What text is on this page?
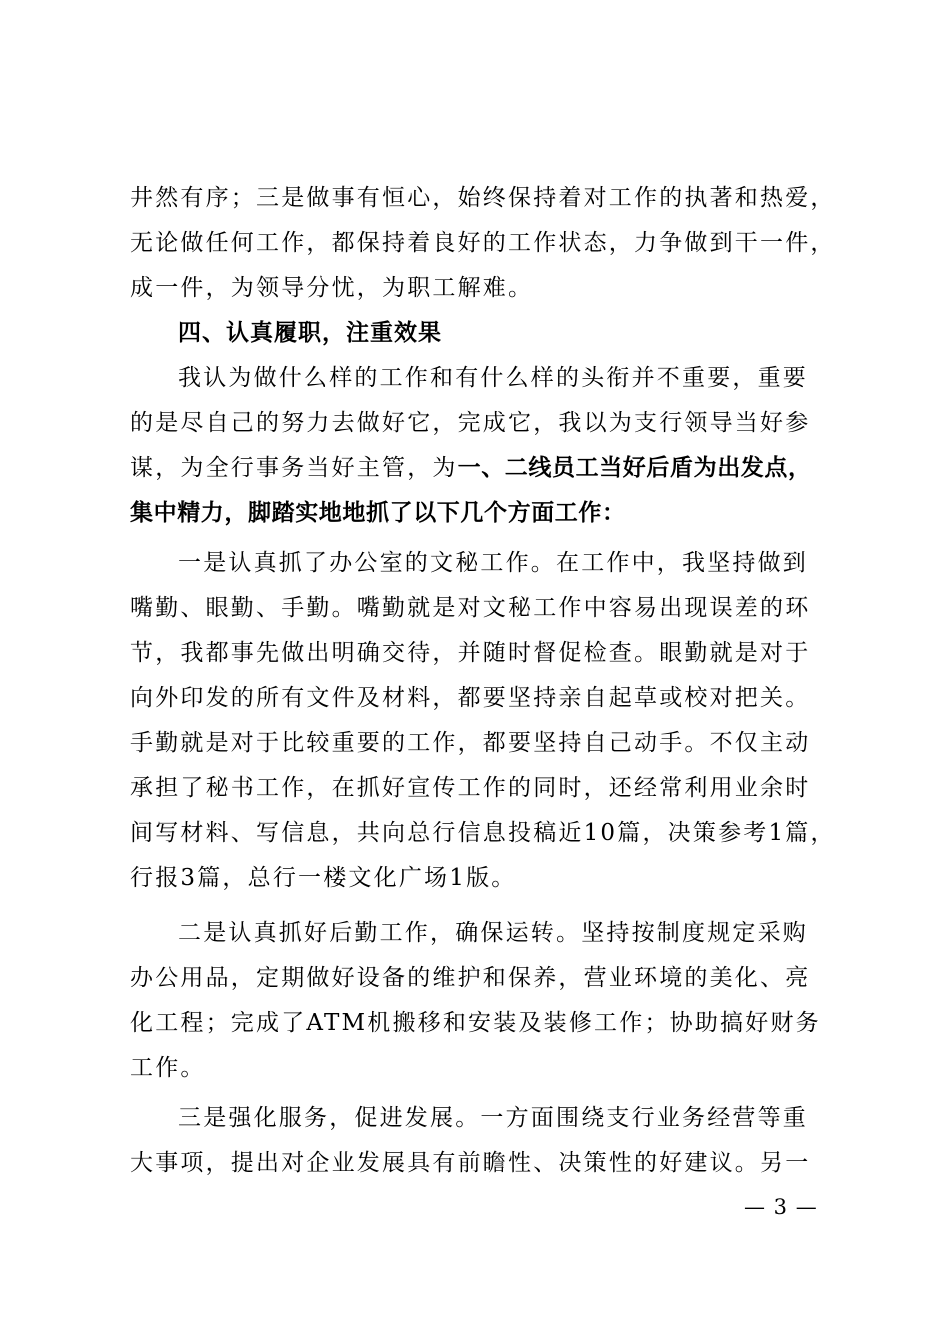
井然有序；三是做事有恒心，始终保持着对工作的执著和热爱，
无论做任何工作，都保持着良好的工作状态，力争做到干一件，
成一件，为领导分忧，为职工解难。
四、认真履职，注重效果
我认为做什么样的工作和有什么样的头衔并不重要，重要
的是尽自己的努力去做好它，完成它，我以为支行领导当好参
谋，为全行事务当好主管，为一、二线员工当好后盾为出发点，
集中精力，脚踏实地地抓了以下几个方面工作：
一是认真抓了办公室的文秘工作。在工作中，我坚持做到
嘴勤、眼勤、手勤。嘴勤就是对文秘工作中容易出现误差的环
节，我都事先做出明确交待，并随时督促检查。眼勤就是对于
向外印发的所有文件及材料，都要坚持亲自起草或校对把关。
手勤就是对于比较重要的工作，都要坚持自己动手。不仅主动
承担了秘书工作，在抓好宣传工作的同时，还经常利用业余时
间写材料、写信息，共向总行信息投稿近10篇，决策参考1篇，
行报3篇，总行一楼文化广场1版。
二是认真抓好后勤工作，确保运转。坚持按制度规定采购
办公用品，定期做好设备的维护和保养，营业环境的美化、亮
化工程；完成了ATM机搬移和安装及装修工作；协助搞好财务
工作。
三是强化服务，促进发展。一方面围绕支行业务经营等重
大事项，提出对企业发展具有前瞻性、决策性的好建议。另一
— 3 —
